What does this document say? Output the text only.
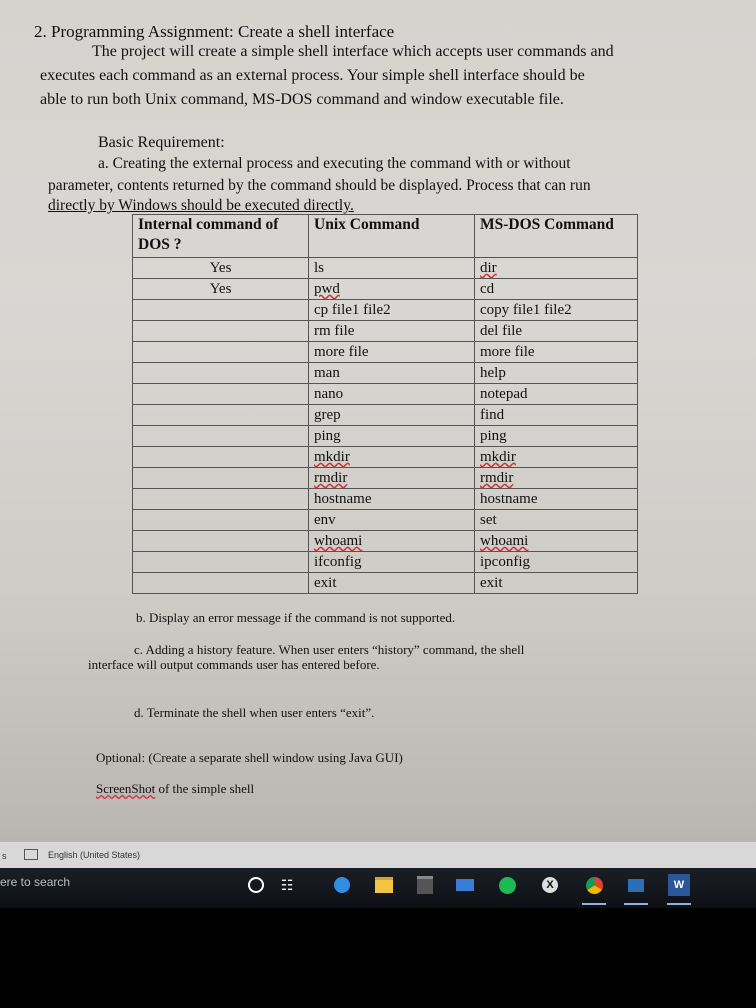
2. Programming Assignment: Create a shell interface
The project will create a simple shell interface which accepts user commands and
executes each command as an external process. Your simple shell interface should be
able to run both Unix command, MS-DOS command and window executable file.
Basic Requirement:
a. Creating the external process and executing the command with or without
parameter, contents returned by the command should be displayed. Process that can run
directly by Windows should be executed directly.
Internal command of DOS ?	Unix Command	MS-DOS Command
Yes	ls	dir
Yes	pwd	cd
	cp file1 file2	copy file1 file2
	rm file	del file
	more file	more file
	man	help
	nano	notepad
	grep	find
	ping	ping
	mkdir	mkdir
	rmdir	rmdir
	hostname	hostname
	env	set
	whoami	whoami
	ifconfig	ipconfig
	exit	exit
b. Display an error message if the command is not supported.
c. Adding a history feature. When user enters “history” command, the shell
interface will output commands user has entered before.
d. Terminate the shell when user enters “exit”.
Optional: (Create a separate shell window using Java GUI)
ScreenShot of the simple shell
s	English (United States)
ere to search	☷	X	W
